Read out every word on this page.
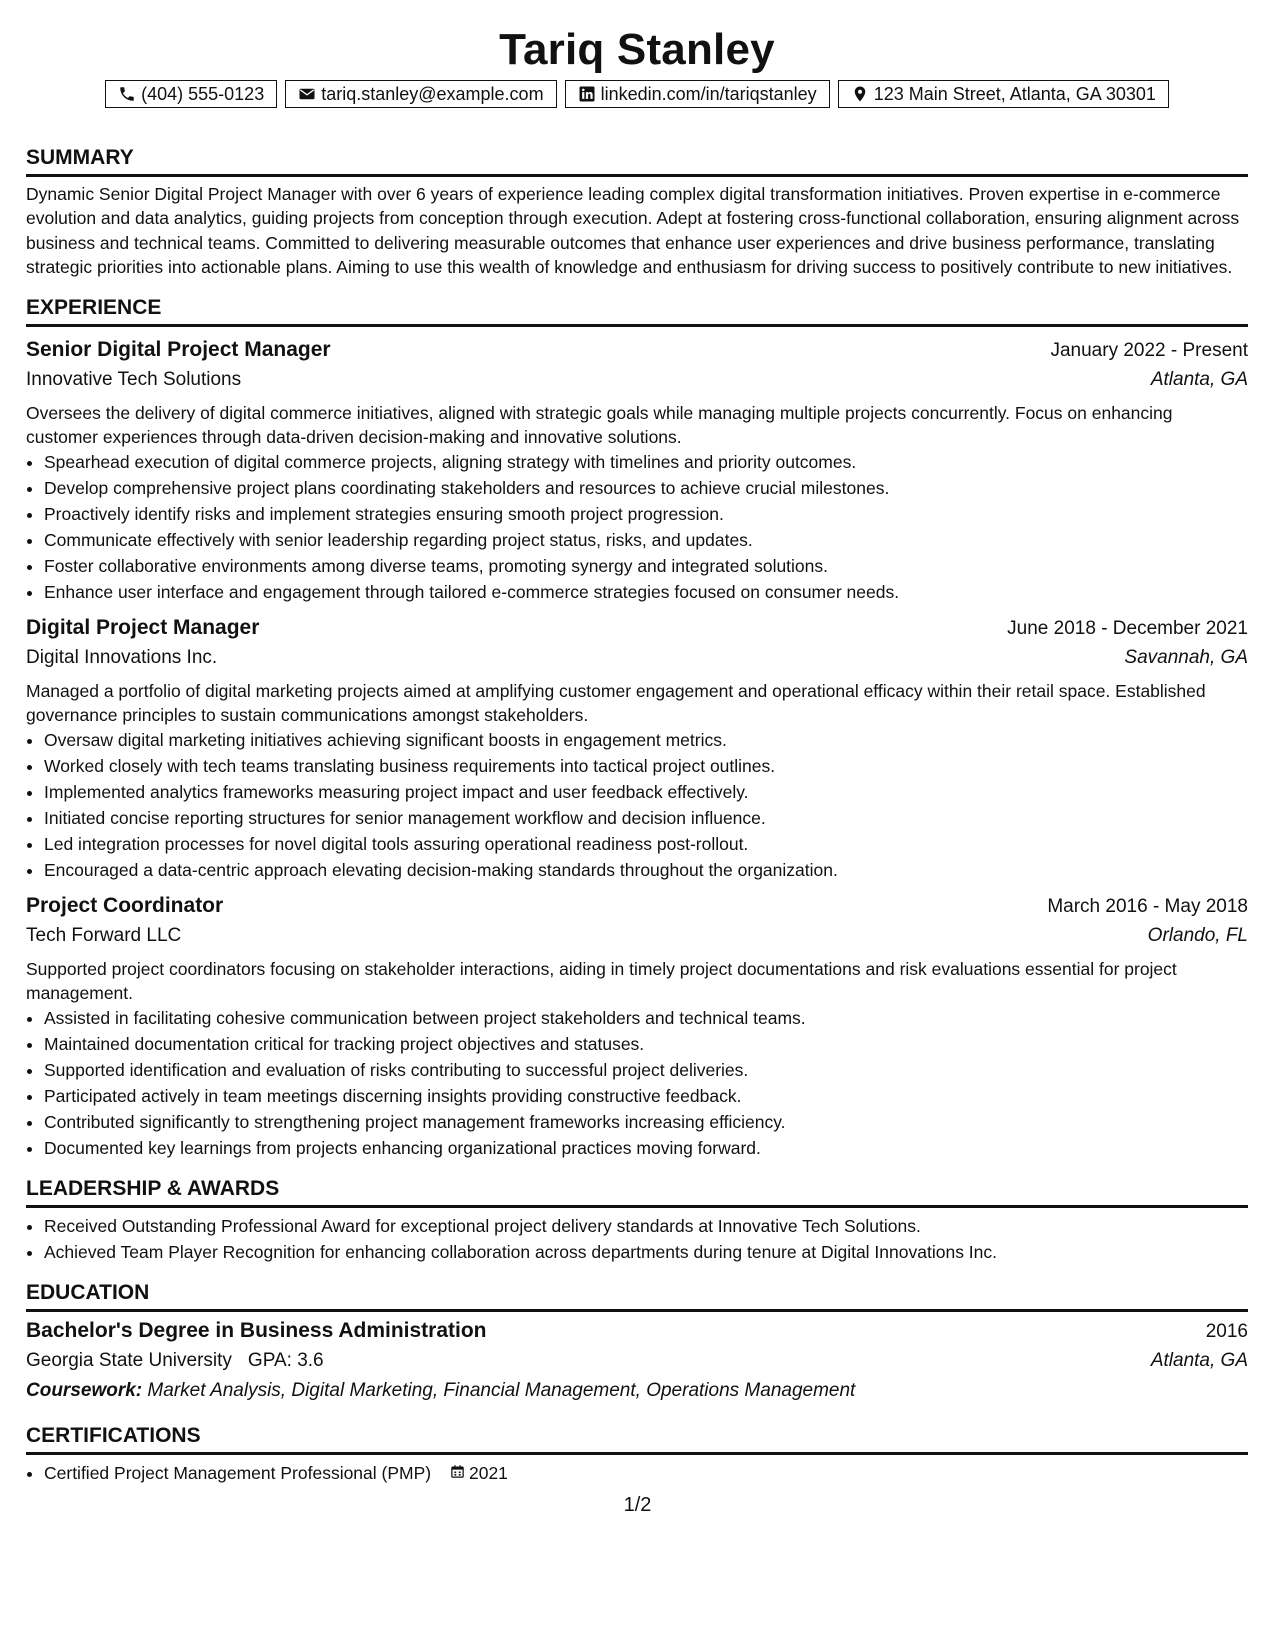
Tariq Stanley
(404) 555-0123	tariq.stanley@example.com	linkedin.com/in/tariqstanley	123 Main Street, Atlanta, GA 30301
SUMMARY
Dynamic Senior Digital Project Manager with over 6 years of experience leading complex digital transformation initiatives. Proven expertise in e-commerce evolution and data analytics, guiding projects from conception through execution. Adept at fostering cross-functional collaboration, ensuring alignment across business and technical teams. Committed to delivering measurable outcomes that enhance user experiences and drive business performance, translating strategic priorities into actionable plans. Aiming to use this wealth of knowledge and enthusiasm for driving success to positively contribute to new initiatives.
EXPERIENCE
Senior Digital Project Manager	January 2022 - Present
Innovative Tech Solutions	Atlanta, GA
Oversees the delivery of digital commerce initiatives, aligned with strategic goals while managing multiple projects concurrently. Focus on enhancing customer experiences through data-driven decision-making and innovative solutions.
• Spearhead execution of digital commerce projects, aligning strategy with timelines and priority outcomes.
• Develop comprehensive project plans coordinating stakeholders and resources to achieve crucial milestones.
• Proactively identify risks and implement strategies ensuring smooth project progression.
• Communicate effectively with senior leadership regarding project status, risks, and updates.
• Foster collaborative environments among diverse teams, promoting synergy and integrated solutions.
• Enhance user interface and engagement through tailored e-commerce strategies focused on consumer needs.
Digital Project Manager	June 2018 - December 2021
Digital Innovations Inc.	Savannah, GA
Managed a portfolio of digital marketing projects aimed at amplifying customer engagement and operational efficacy within their retail space. Established governance principles to sustain communications amongst stakeholders.
• Oversaw digital marketing initiatives achieving significant boosts in engagement metrics.
• Worked closely with tech teams translating business requirements into tactical project outlines.
• Implemented analytics frameworks measuring project impact and user feedback effectively.
• Initiated concise reporting structures for senior management workflow and decision influence.
• Led integration processes for novel digital tools assuring operational readiness post-rollout.
• Encouraged a data-centric approach elevating decision-making standards throughout the organization.
Project Coordinator	March 2016 - May 2018
Tech Forward LLC	Orlando, FL
Supported project coordinators focusing on stakeholder interactions, aiding in timely project documentations and risk evaluations essential for project management.
• Assisted in facilitating cohesive communication between project stakeholders and technical teams.
• Maintained documentation critical for tracking project objectives and statuses.
• Supported identification and evaluation of risks contributing to successful project deliveries.
• Participated actively in team meetings discerning insights providing constructive feedback.
• Contributed significantly to strengthening project management frameworks increasing efficiency.
• Documented key learnings from projects enhancing organizational practices moving forward.
LEADERSHIP & AWARDS
• Received Outstanding Professional Award for exceptional project delivery standards at Innovative Tech Solutions.
• Achieved Team Player Recognition for enhancing collaboration across departments during tenure at Digital Innovations Inc.
EDUCATION
Bachelor's Degree in Business Administration	2016
Georgia State University GPA: 3.6	Atlanta, GA
Coursework: Market Analysis, Digital Marketing, Financial Management, Operations Management
CERTIFICATIONS
• Certified Project Management Professional (PMP) 2021
1/2
